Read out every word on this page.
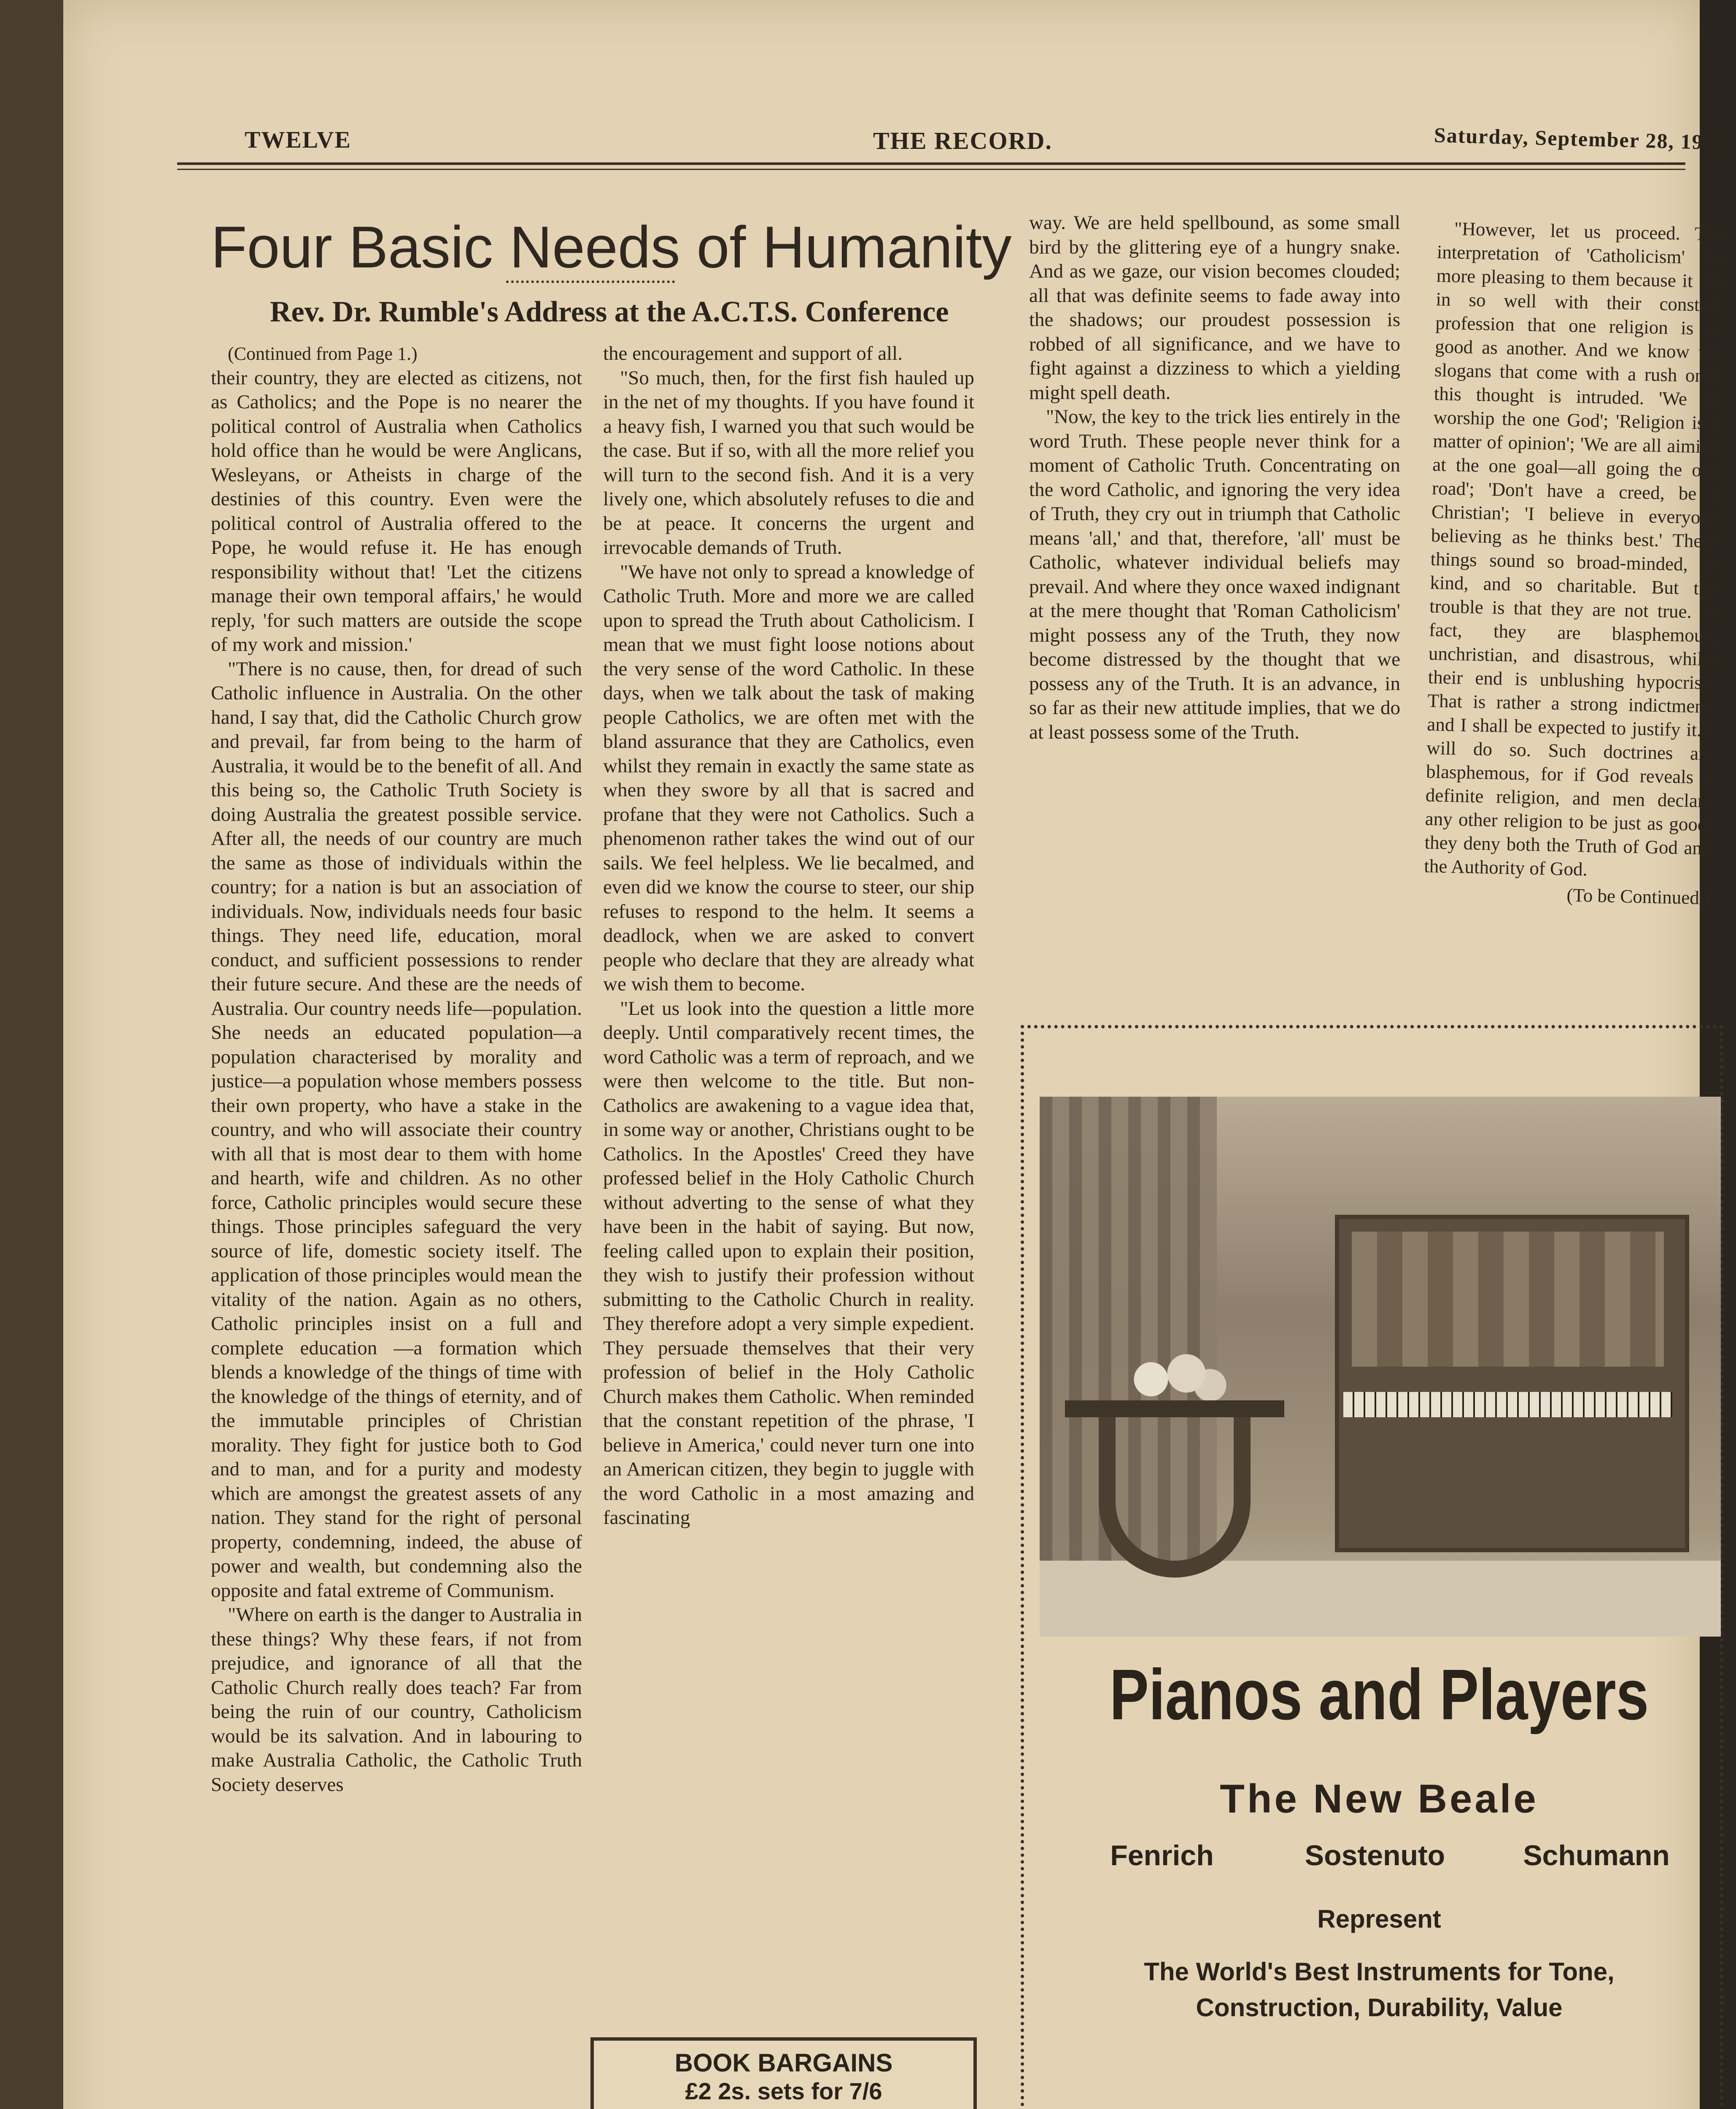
TWELVE	THE RECORD.	Saturday, September 28, 1935.
Four Basic Needs of Humanity
Rev. Dr. Rumble's Address at the A.C.T.S. Conference

(Continued from Page 1.)

their country, they are elected as citizens, not as Catholics; and the Pope is no nearer the political control of Australia when Catholics hold office than he would be were Anglicans, Wesleyans, or Atheists in charge of the destinies of this country. Even were the political control of Australia offered to the Pope, he would refuse it. He has enough responsibility without that! 'Let the citizens manage their own temporal affairs,' he would reply, 'for such matters are outside the scope of my work and mission.'

"There is no cause, then, for dread of such Catholic influence in Australia. On the other hand, I say that, did the Catholic Church grow and prevail, far from being to the harm of Australia, it would be to the benefit of all. And this being so, the Catholic Truth Society is doing Australia the greatest possible service. After all, the needs of our country are much the same as those of individuals within the country; for a nation is but an association of individuals. Now, individuals needs four basic things. They need life, education, moral conduct, and sufficient possessions to render their future secure. And these are the needs of Australia. Our country needs life—population. She needs an educated population—a population characterised by morality and justice—a population whose members possess their own property, who have a stake in the country, and who will associate their country with all that is most dear to them with home and hearth, wife and children. As no other force, Catholic principles would secure these things. Those principles safeguard the very source of life, domestic society itself. The application of those principles would mean the vitality of the nation. Again as no others, Catholic principles insist on a full and complete education —a formation which blends a knowledge of the things of time with the knowledge of the things of eternity, and of the immutable principles of Christian morality. They fight for justice both to God and to man, and for a purity and modesty which are amongst the greatest assets of any nation. They stand for the right of personal property, condemning, indeed, the abuse of power and wealth, but condemning also the opposite and fatal extreme of Communism.

"Where on earth is the danger to Australia in these things? Why these fears, if not from prejudice, and ignorance of all that the Catholic Church really does teach? Far from being the ruin of our country, Catholicism would be its salvation. And in labouring to make Australia Catholic, the Catholic Truth Society deserves

the encouragement and support of all.

"So much, then, for the first fish hauled up in the net of my thoughts. If you have found it a heavy fish, I warned you that such would be the case. But if so, with all the more relief you will turn to the second fish. And it is a very lively one, which absolutely refuses to die and be at peace. It concerns the urgent and irrevocable demands of Truth.

"We have not only to spread a knowledge of Catholic Truth. More and more we are called upon to spread the Truth about Catholicism. I mean that we must fight loose notions about the very sense of the word Catholic. In these days, when we talk about the task of making people Catholics, we are often met with the bland assurance that they are Catholics, even whilst they remain in exactly the same state as when they swore by all that is sacred and profane that they were not Catholics. Such a phenomenon rather takes the wind out of our sails. We feel helpless. We lie becalmed, and even did we know the course to steer, our ship refuses to respond to the helm. It seems a deadlock, when we are asked to convert people who declare that they are already what we wish them to become.

"Let us look into the question a little more deeply. Until comparatively recent times, the word Catholic was a term of reproach, and we were then welcome to the title. But non-Catholics are awakening to a vague idea that, in some way or another, Christians ought to be Catholics. In the Apostles' Creed they have professed belief in the Holy Catholic Church without adverting to the sense of what they have been in the habit of saying. But now, feeling called upon to explain their position, they wish to justify their profession without submitting to the Catholic Church in reality. They therefore adopt a very simple expedient. They persuade themselves that their very profession of belief in the Holy Catholic Church makes them Catholic. When reminded that the constant repetition of the phrase, 'I believe in America,' could never turn one into an American citizen, they begin to juggle with the word Catholic in a most amazing and fascinating

BOOK BARGAINS
£2 2s. sets for 7/6

way. We are held spellbound, as some small bird by the glittering eye of a hungry snake. And as we gaze, our vision becomes clouded; all that was definite seems to fade away into the shadows; our proudest possession is robbed of all significance, and we have to fight against a dizziness to which a yielding might spell death.

"Now, the key to the trick lies entirely in the word Truth. These people never think for a moment of Catholic Truth. Concentrating on the word Catholic, and ignoring the very idea of Truth, they cry out in triumph that Catholic means 'all,' and that, therefore, 'all' must be Catholic, whatever individual beliefs may prevail. And where they once waxed indignant at the mere thought that 'Roman Catholicism' might possess any of the Truth, they now become distressed by the thought that we possess any of the Truth. It is an advance, in so far as their new attitude implies, that we do at least possess some of the Truth.

"However, let us proceed. The interpretation of 'Catholicism' the more pleasing to them because it fits in so well with their constant profession that one religion is as good as another. And we know the slogans that come with a rush once this thought is intruded. 'We all worship the one God'; 'Religion is a matter of opinion'; 'We are all aiming at the one goal—all going the one road'; 'Don't have a creed, be a Christian'; 'I believe in everyone believing as he thinks best.' These things sound so broad-minded, so kind, and so charitable. But the trouble is that they are not true. In fact, they are blasphemous, unchristian, and disastrous, whilst their end is unblushing hypocrisy. That is rather a strong indictment, and I shall be expected to justify it. I will do so. Such doctrines are blasphemous, for if God reveals a definite religion, and men declare any other religion to be just as good, they deny both the Truth of God and the Authority of God.

(To be Continued.)

Pianos and Players
The New Beale
Fenrich	Sostenuto	Schumann
Represent
The World's Best Instruments for Tone,
Construction, Durability, Value
